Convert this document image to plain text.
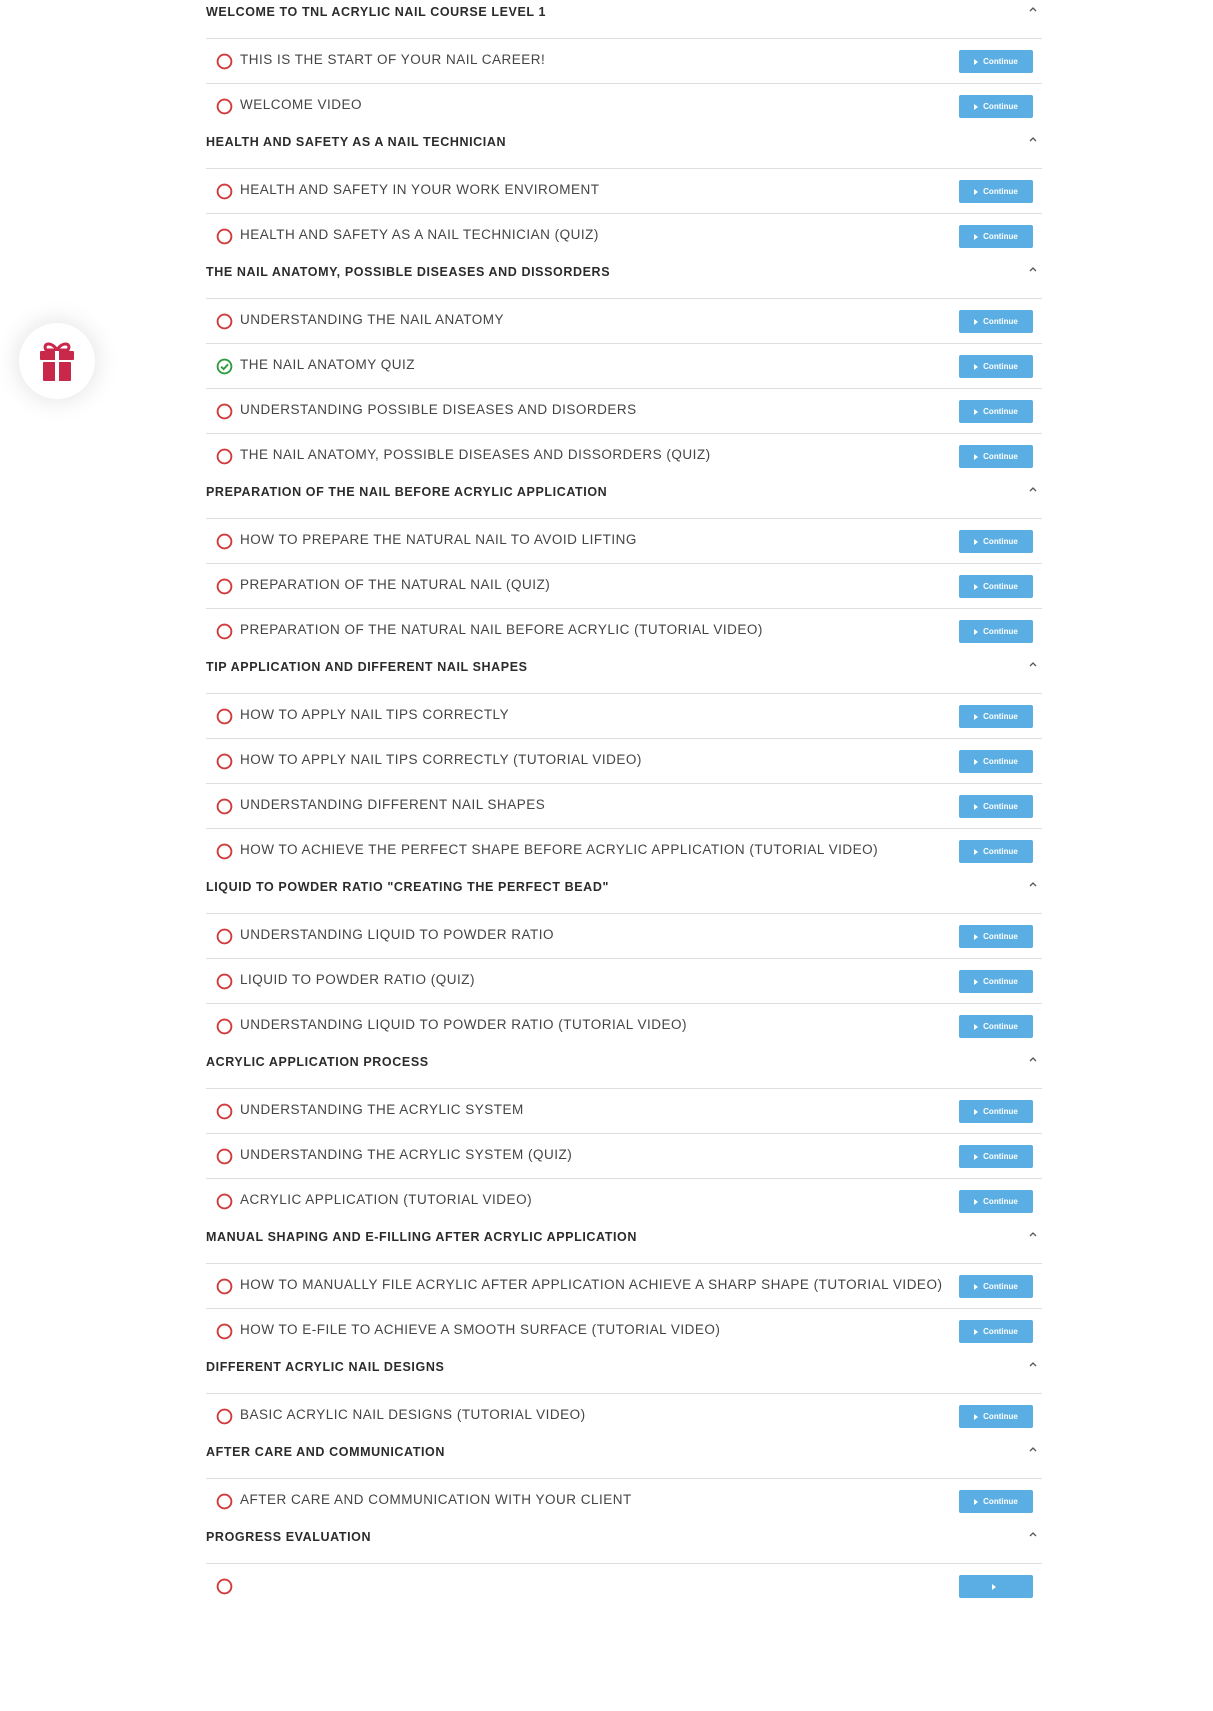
WELCOME TO TNL ACRYLIC NAIL COURSE LEVEL 1
THIS IS THE START OF YOUR NAIL CAREER!	Continue
WELCOME VIDEO	Continue
HEALTH AND SAFETY AS A NAIL TECHNICIAN
HEALTH AND SAFETY IN YOUR WORK ENVIROMENT	Continue
HEALTH AND SAFETY AS A NAIL TECHNICIAN (QUIZ)	Continue
THE NAIL ANATOMY, POSSIBLE DISEASES AND DISSORDERS
UNDERSTANDING THE NAIL ANATOMY	Continue
THE NAIL ANATOMY QUIZ	Continue
UNDERSTANDING POSSIBLE DISEASES AND DISORDERS	Continue
THE NAIL ANATOMY, POSSIBLE DISEASES AND DISSORDERS (QUIZ)	Continue
PREPARATION OF THE NAIL BEFORE ACRYLIC APPLICATION
HOW TO PREPARE THE NATURAL NAIL TO AVOID LIFTING	Continue
PREPARATION OF THE NATURAL NAIL (QUIZ)	Continue
PREPARATION OF THE NATURAL NAIL BEFORE ACRYLIC (TUTORIAL VIDEO)	Continue
TIP APPLICATION AND DIFFERENT NAIL SHAPES
HOW TO APPLY NAIL TIPS CORRECTLY	Continue
HOW TO APPLY NAIL TIPS CORRECTLY (TUTORIAL VIDEO)	Continue
UNDERSTANDING DIFFERENT NAIL SHAPES	Continue
HOW TO ACHIEVE THE PERFECT SHAPE BEFORE ACRYLIC APPLICATION (TUTORIAL VIDEO)	Continue
LIQUID TO POWDER RATIO "CREATING THE PERFECT BEAD"
UNDERSTANDING LIQUID TO POWDER RATIO	Continue
LIQUID TO POWDER RATIO (QUIZ)	Continue
UNDERSTANDING LIQUID TO POWDER RATIO (TUTORIAL VIDEO)	Continue
ACRYLIC APPLICATION PROCESS
UNDERSTANDING THE ACRYLIC SYSTEM	Continue
UNDERSTANDING THE ACRYLIC SYSTEM (QUIZ)	Continue
ACRYLIC APPLICATION (TUTORIAL VIDEO)	Continue
MANUAL SHAPING AND E-FILLING AFTER ACRYLIC APPLICATION
HOW TO MANUALLY FILE ACRYLIC AFTER APPLICATION ACHIEVE A SHARP SHAPE (TUTORIAL VIDEO)	Continue
HOW TO E-FILE TO ACHIEVE A SMOOTH SURFACE (TUTORIAL VIDEO)	Continue
DIFFERENT ACRYLIC NAIL DESIGNS
BASIC ACRYLIC NAIL DESIGNS (TUTORIAL VIDEO)	Continue
AFTER CARE AND COMMUNICATION
AFTER CARE AND COMMUNICATION WITH YOUR CLIENT	Continue
PROGRESS EVALUATION
